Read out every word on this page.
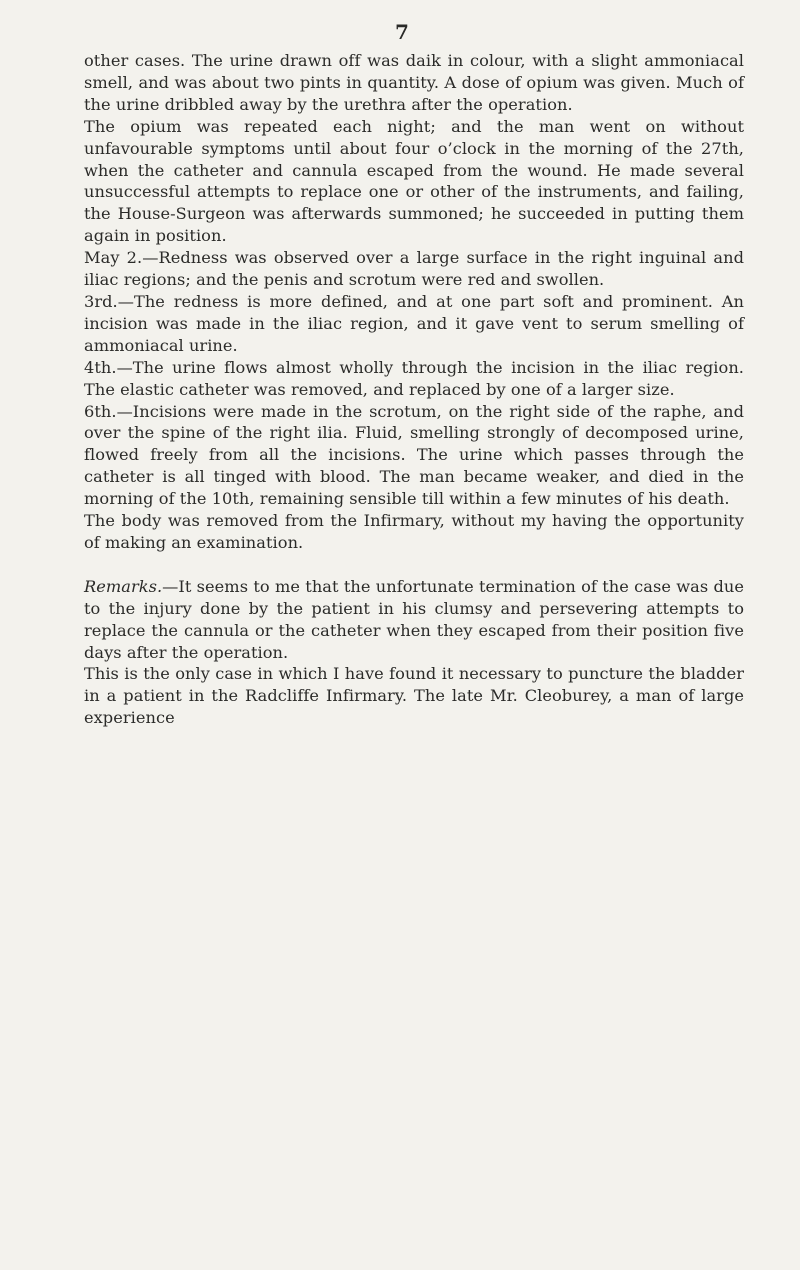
7

other cases. The urine drawn off was daik in colour, with a slight ammoniacal smell, and was about two pints in quantity. A dose of opium was given. Much of the urine dribbled away by the urethra after the operation.

The opium was repeated each night; and the man went on without unfavourable symptoms until about four o’clock in the morning of the 27th, when the catheter and cannula escaped from the wound. He made several unsuccessful attempts to replace one or other of the instruments, and failing, the House-Surgeon was afterwards summoned; he succeeded in putting them again in position.

May 2.—Redness was observed over a large surface in the right inguinal and iliac regions; and the penis and scrotum were red and swollen.

3rd.—The redness is more defined, and at one part soft and prominent. An incision was made in the iliac region, and it gave vent to serum smelling of ammoniacal urine.

4th.—The urine flows almost wholly through the incision in the iliac region. The elastic catheter was removed, and replaced by one of a larger size.

6th.—Incisions were made in the scrotum, on the right side of the raphe, and over the spine of the right ilia. Fluid, smelling strongly of decomposed urine, flowed freely from all the incisions. The urine which passes through the catheter is all tinged with blood. The man became weaker, and died in the morning of the 10th, remaining sensible till within a few minutes of his death.

The body was removed from the Infirmary, without my having the opportunity of making an examination.

Remarks.—It seems to me that the unfortunate termination of the case was due to the injury done by the patient in his clumsy and persevering attempts to replace the cannula or the catheter when they escaped from their position five days after the operation.

This is the only case in which I have found it necessary to puncture the bladder in a patient in the Radcliffe Infirmary. The late Mr. Cleoburey, a man of large experience
